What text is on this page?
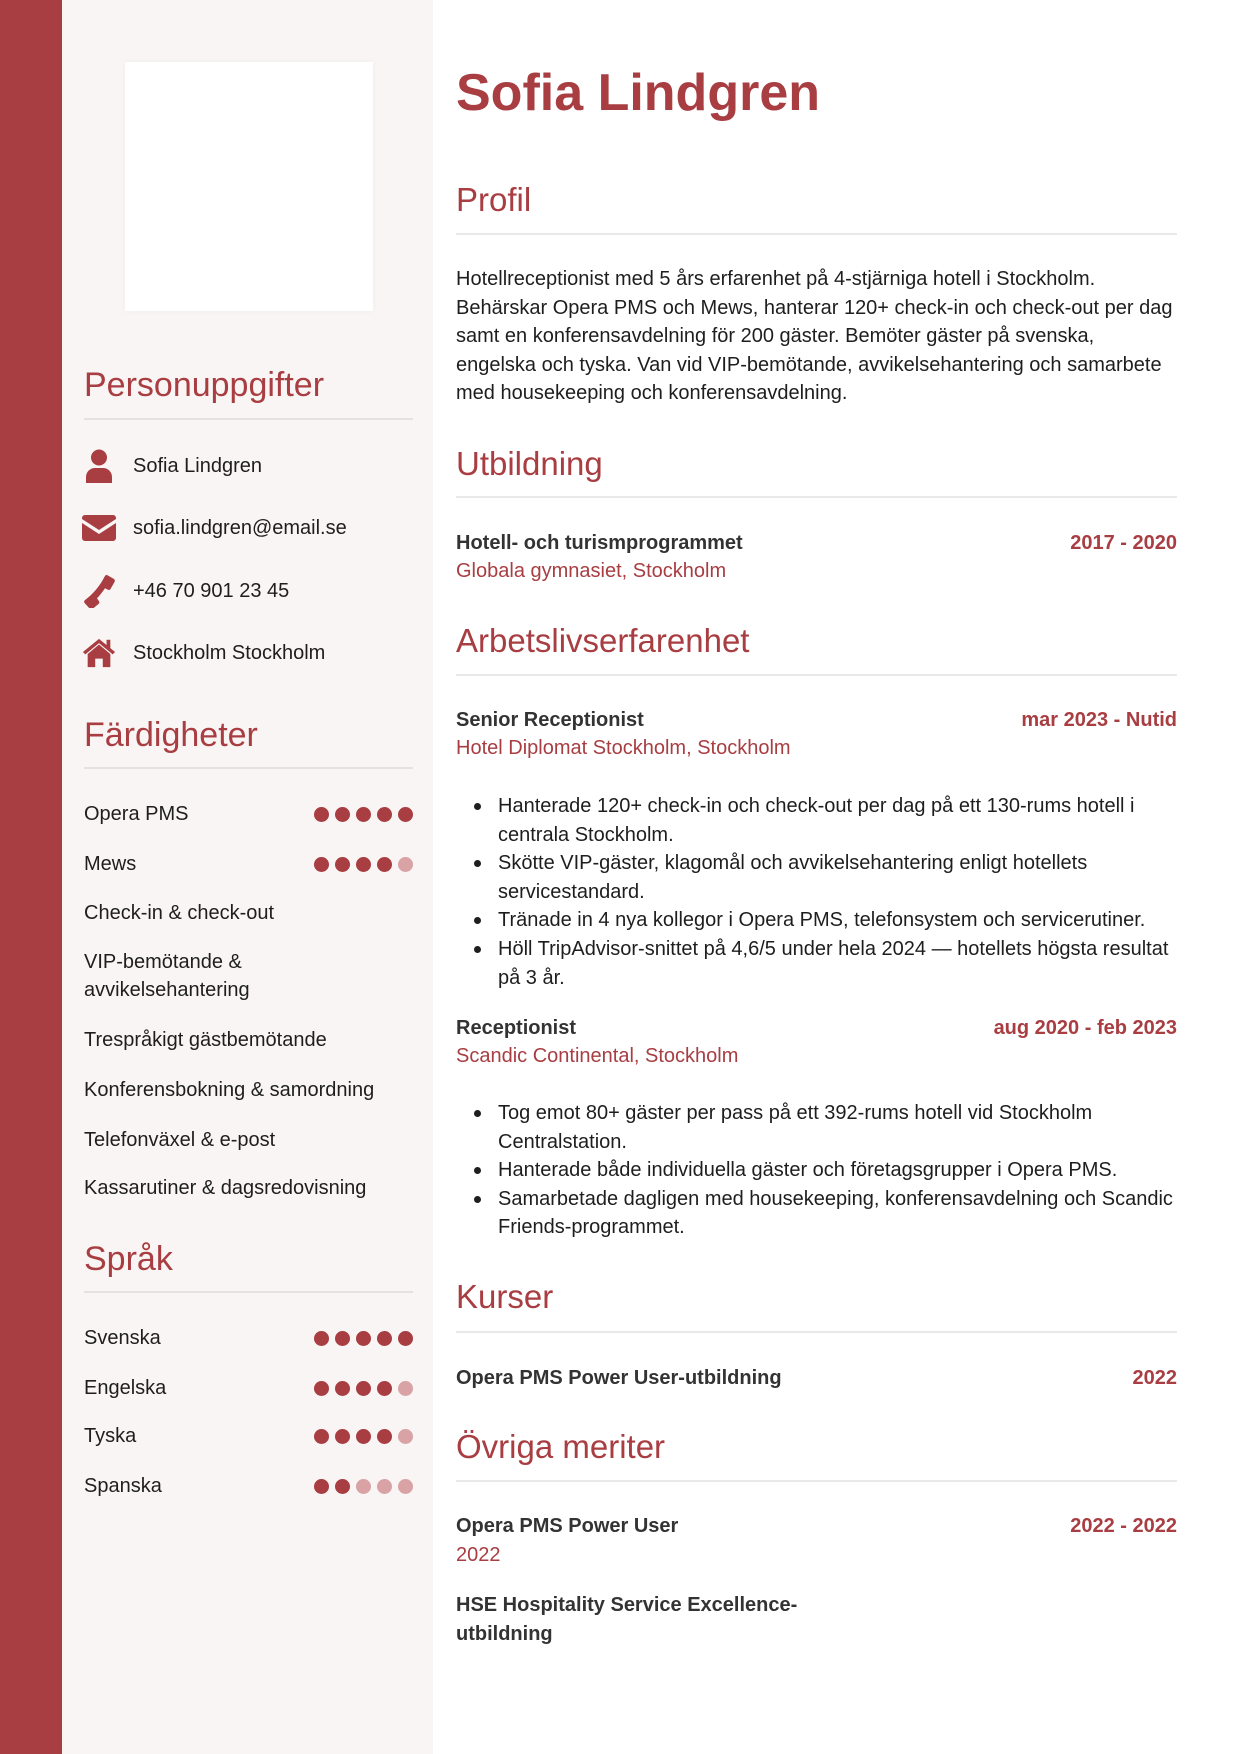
Personuppgifter
Sofia Lindgren
sofia.lindgren@email.se
+46 70 901 23 45
Stockholm Stockholm
Färdigheter
Opera PMS
Mews
Check-in & check-out
VIP-bemötande & avvikelsehantering
Trespråkigt gästbemötande
Konferensbokning & samordning
Telefonväxel & e-post
Kassarutiner & dagsredovisning
Språk
Svenska
Engelska
Tyska
Spanska
Sofia Lindgren
Profil
Hotellreceptionist med 5 års erfarenhet på 4-stjärniga hotell i Stockholm. Behärskar Opera PMS och Mews, hanterar 120+ check-in och check-out per dag samt en konferensavdelning för 200 gäster. Bemöter gäster på svenska, engelska och tyska. Van vid VIP-bemötande, avvikelsehantering och samarbete med housekeeping och konferensavdelning.
Utbildning
Hotell- och turismprogrammet	2017 - 2020
Globala gymnasiet, Stockholm
Arbetslivserfarenhet
Senior Receptionist	mar 2023 - Nutid
Hotel Diplomat Stockholm, Stockholm
Hanterade 120+ check-in och check-out per dag på ett 130-rums hotell i centrala Stockholm.
Skötte VIP-gäster, klagomål och avvikelsehantering enligt hotellets servicestandard.
Tränade in 4 nya kollegor i Opera PMS, telefonsystem och servicerutiner.
Höll TripAdvisor-snittet på 4,6/5 under hela 2024 — hotellets högsta resultat på 3 år.
Receptionist	aug 2020 - feb 2023
Scandic Continental, Stockholm
Tog emot 80+ gäster per pass på ett 392-rums hotell vid Stockholm Centralstation.
Hanterade både individuella gäster och företagsgrupper i Opera PMS.
Samarbetade dagligen med housekeeping, konferensavdelning och Scandic Friends-programmet.
Kurser
Opera PMS Power User-utbildning	2022
Övriga meriter
Opera PMS Power User	2022 - 2022
2022
HSE Hospitality Service Excellence-utbildning
